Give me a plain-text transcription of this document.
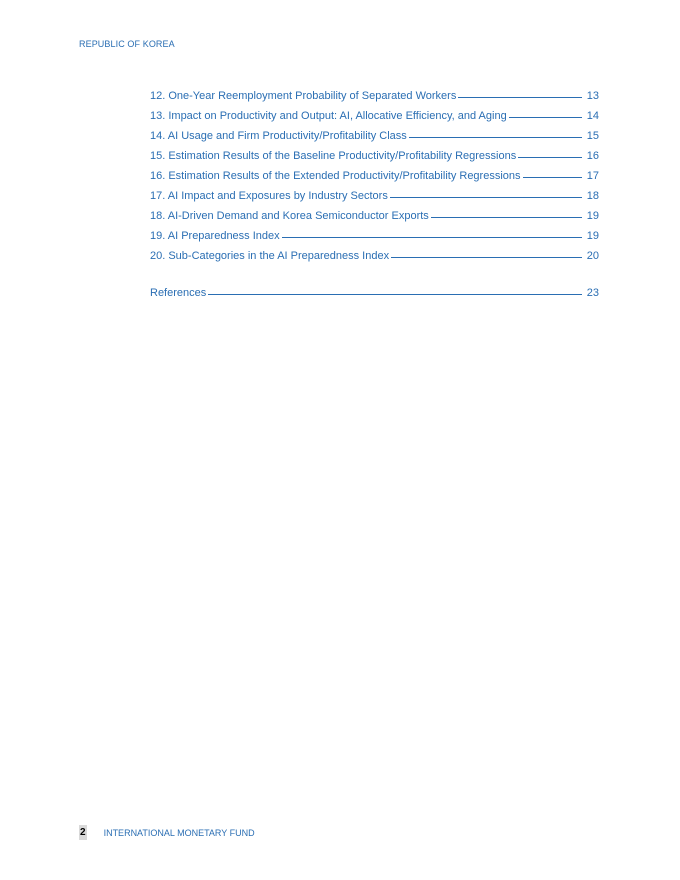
REPUBLIC OF KOREA
12. One-Year Reemployment Probability of Separated Workers	13
13. Impact on Productivity and Output: AI, Allocative Efficiency, and Aging	14
14. AI Usage and Firm Productivity/Profitability Class	15
15. Estimation Results of the Baseline Productivity/Profitability Regressions	16
16. Estimation Results of the Extended Productivity/Profitability Regressions	17
17. AI Impact and Exposures by Industry Sectors	18
18. AI-Driven Demand and Korea Semiconductor Exports	19
19. AI Preparedness Index	19
20. Sub-Categories in the AI Preparedness Index	20
References	23
2 INTERNATIONAL MONETARY FUND
